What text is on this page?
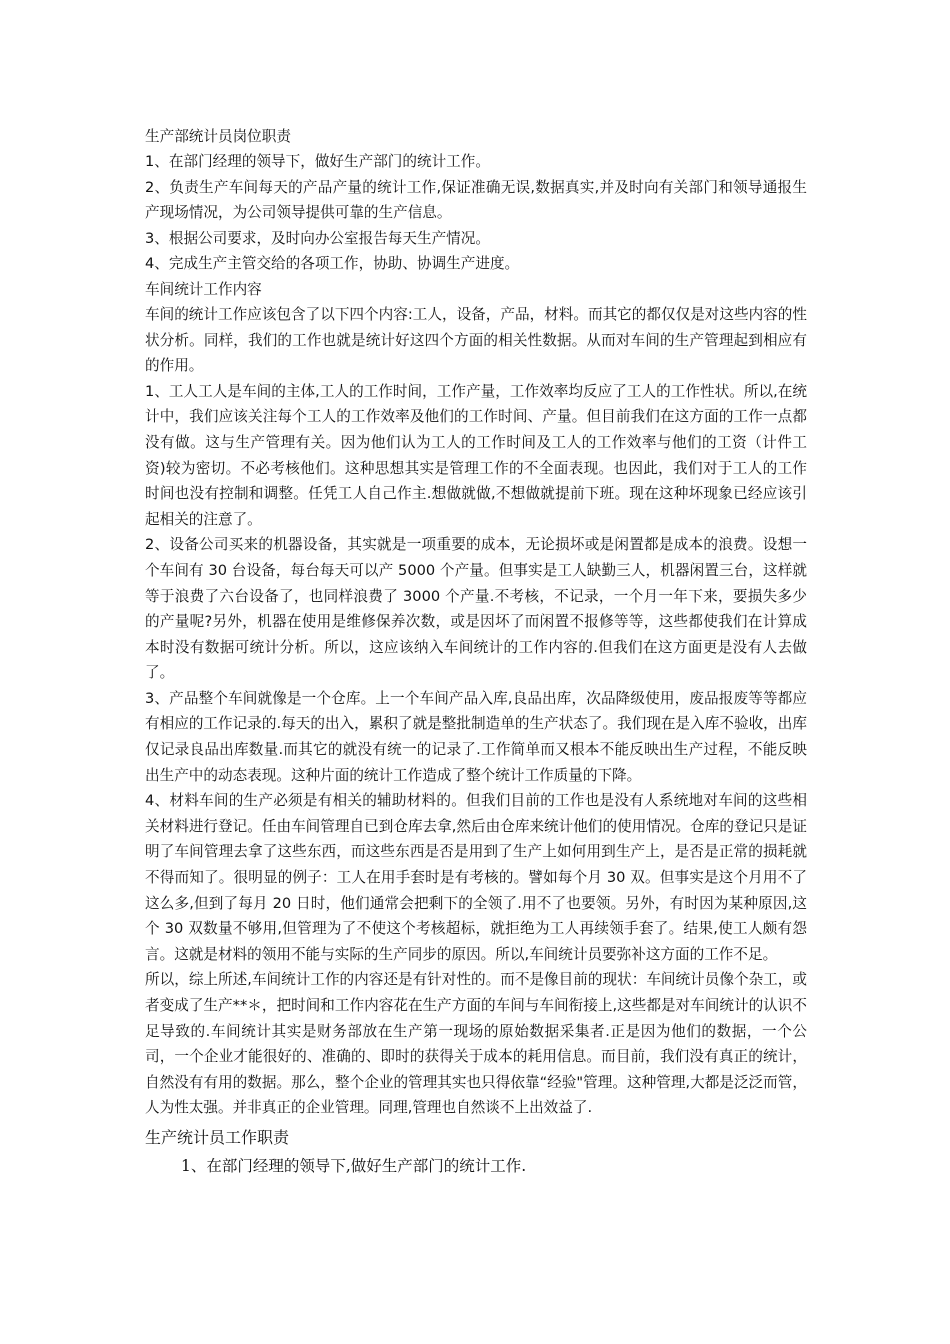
生产部统计员岗位职责

1、在部门经理的领导下，做好生产部门的统计工作。

2、负责生产车间每天的产品产量的统计工作,保证准确无误,数据真实,并及时向有关部门和领导通报生产现场情况，为公司领导提供可靠的生产信息。

3、根据公司要求，及时向办公室报告每天生产情况。

4、完成生产主管交给的各项工作，协助、协调生产进度。

车间统计工作内容

车间的统计工作应该包含了以下四个内容:工人，设备，产品，材料。而其它的都仅仅是对这些内容的性状分析。同样，我们的工作也就是统计好这四个方面的相关性数据。从而对车间的生产管理起到相应有的作用。

1、工人工人是车间的主体,工人的工作时间，工作产量，工作效率均反应了工人的工作性状。所以,在统计中，我们应该关注每个工人的工作效率及他们的工作时间、产量。但目前我们在这方面的工作一点都没有做。这与生产管理有关。因为他们认为工人的工作时间及工人的工作效率与他们的工资（计件工资)较为密切。不必考核他们。这种思想其实是管理工作的不全面表现。也因此，我们对于工人的工作时间也没有控制和调整。任凭工人自己作主.想做就做,不想做就提前下班。现在这种坏现象已经应该引起相关的注意了。

2、设备公司买来的机器设备，其实就是一项重要的成本，无论损坏或是闲置都是成本的浪费。设想一个车间有 30 台设备，每台每天可以产 5000 个产量。但事实是工人缺勤三人，机器闲置三台，这样就等于浪费了六台设备了，也同样浪费了 3000 个产量.不考核，不记录，一个月一年下来，要损失多少的产量呢?另外，机器在使用是维修保养次数，或是因坏了而闲置不报修等等，这些都使我们在计算成本时没有数据可统计分析。所以，这应该纳入车间统计的工作内容的.但我们在这方面更是没有人去做了。

3、产品整个车间就像是一个仓库。上一个车间产品入库,良品出库，次品降级使用，废品报废等等都应有相应的工作记录的.每天的出入，累积了就是整批制造单的生产状态了。我们现在是入库不验收，出库仅记录良品出库数量.而其它的就没有统一的记录了.工作简单而又根本不能反映出生产过程，不能反映出生产中的动态表现。这种片面的统计工作造成了整个统计工作质量的下降。

4、材料车间的生产必须是有相关的辅助材料的。但我们目前的工作也是没有人系统地对车间的这些相关材料进行登记。任由车间管理自已到仓库去拿,然后由仓库来统计他们的使用情况。仓库的登记只是证明了车间管理去拿了这些东西，而这些东西是否是用到了生产上如何用到生产上，是否是正常的损耗就不得而知了。很明显的例子：工人在用手套时是有考核的。譬如每个月 30 双。但事实是这个月用不了这么多,但到了每月 20 日时，他们通常会把剩下的全领了.用不了也要领。另外，有时因为某种原因,这个 30 双数量不够用,但管理为了不使这个考核超标，就拒绝为工人再续领手套了。结果,使工人颇有怨言。这就是材料的领用不能与实际的生产同步的原因。所以,车间统计员要弥补这方面的工作不足。

所以，综上所述,车间统计工作的内容还是有针对性的。而不是像目前的现状：车间统计员像个杂工，或者变成了生产**＊，把时间和工作内容花在生产方面的车间与车间衔接上,这些都是对车间统计的认识不足导致的.车间统计其实是财务部放在生产第一现场的原始数据采集者.正是因为他们的数据，一个公司，一个企业才能很好的、准确的、即时的获得关于成本的耗用信息。而目前，我们没有真正的统计，自然没有有用的数据。那么，整个企业的管理其实也只得依靠“经验"管理。这种管理,大都是泛泛而管，人为性太强。并非真正的企业管理。同理,管理也自然谈不上出效益了.

生产统计员工作职责

1、在部门经理的领导下,做好生产部门的统计工作.
